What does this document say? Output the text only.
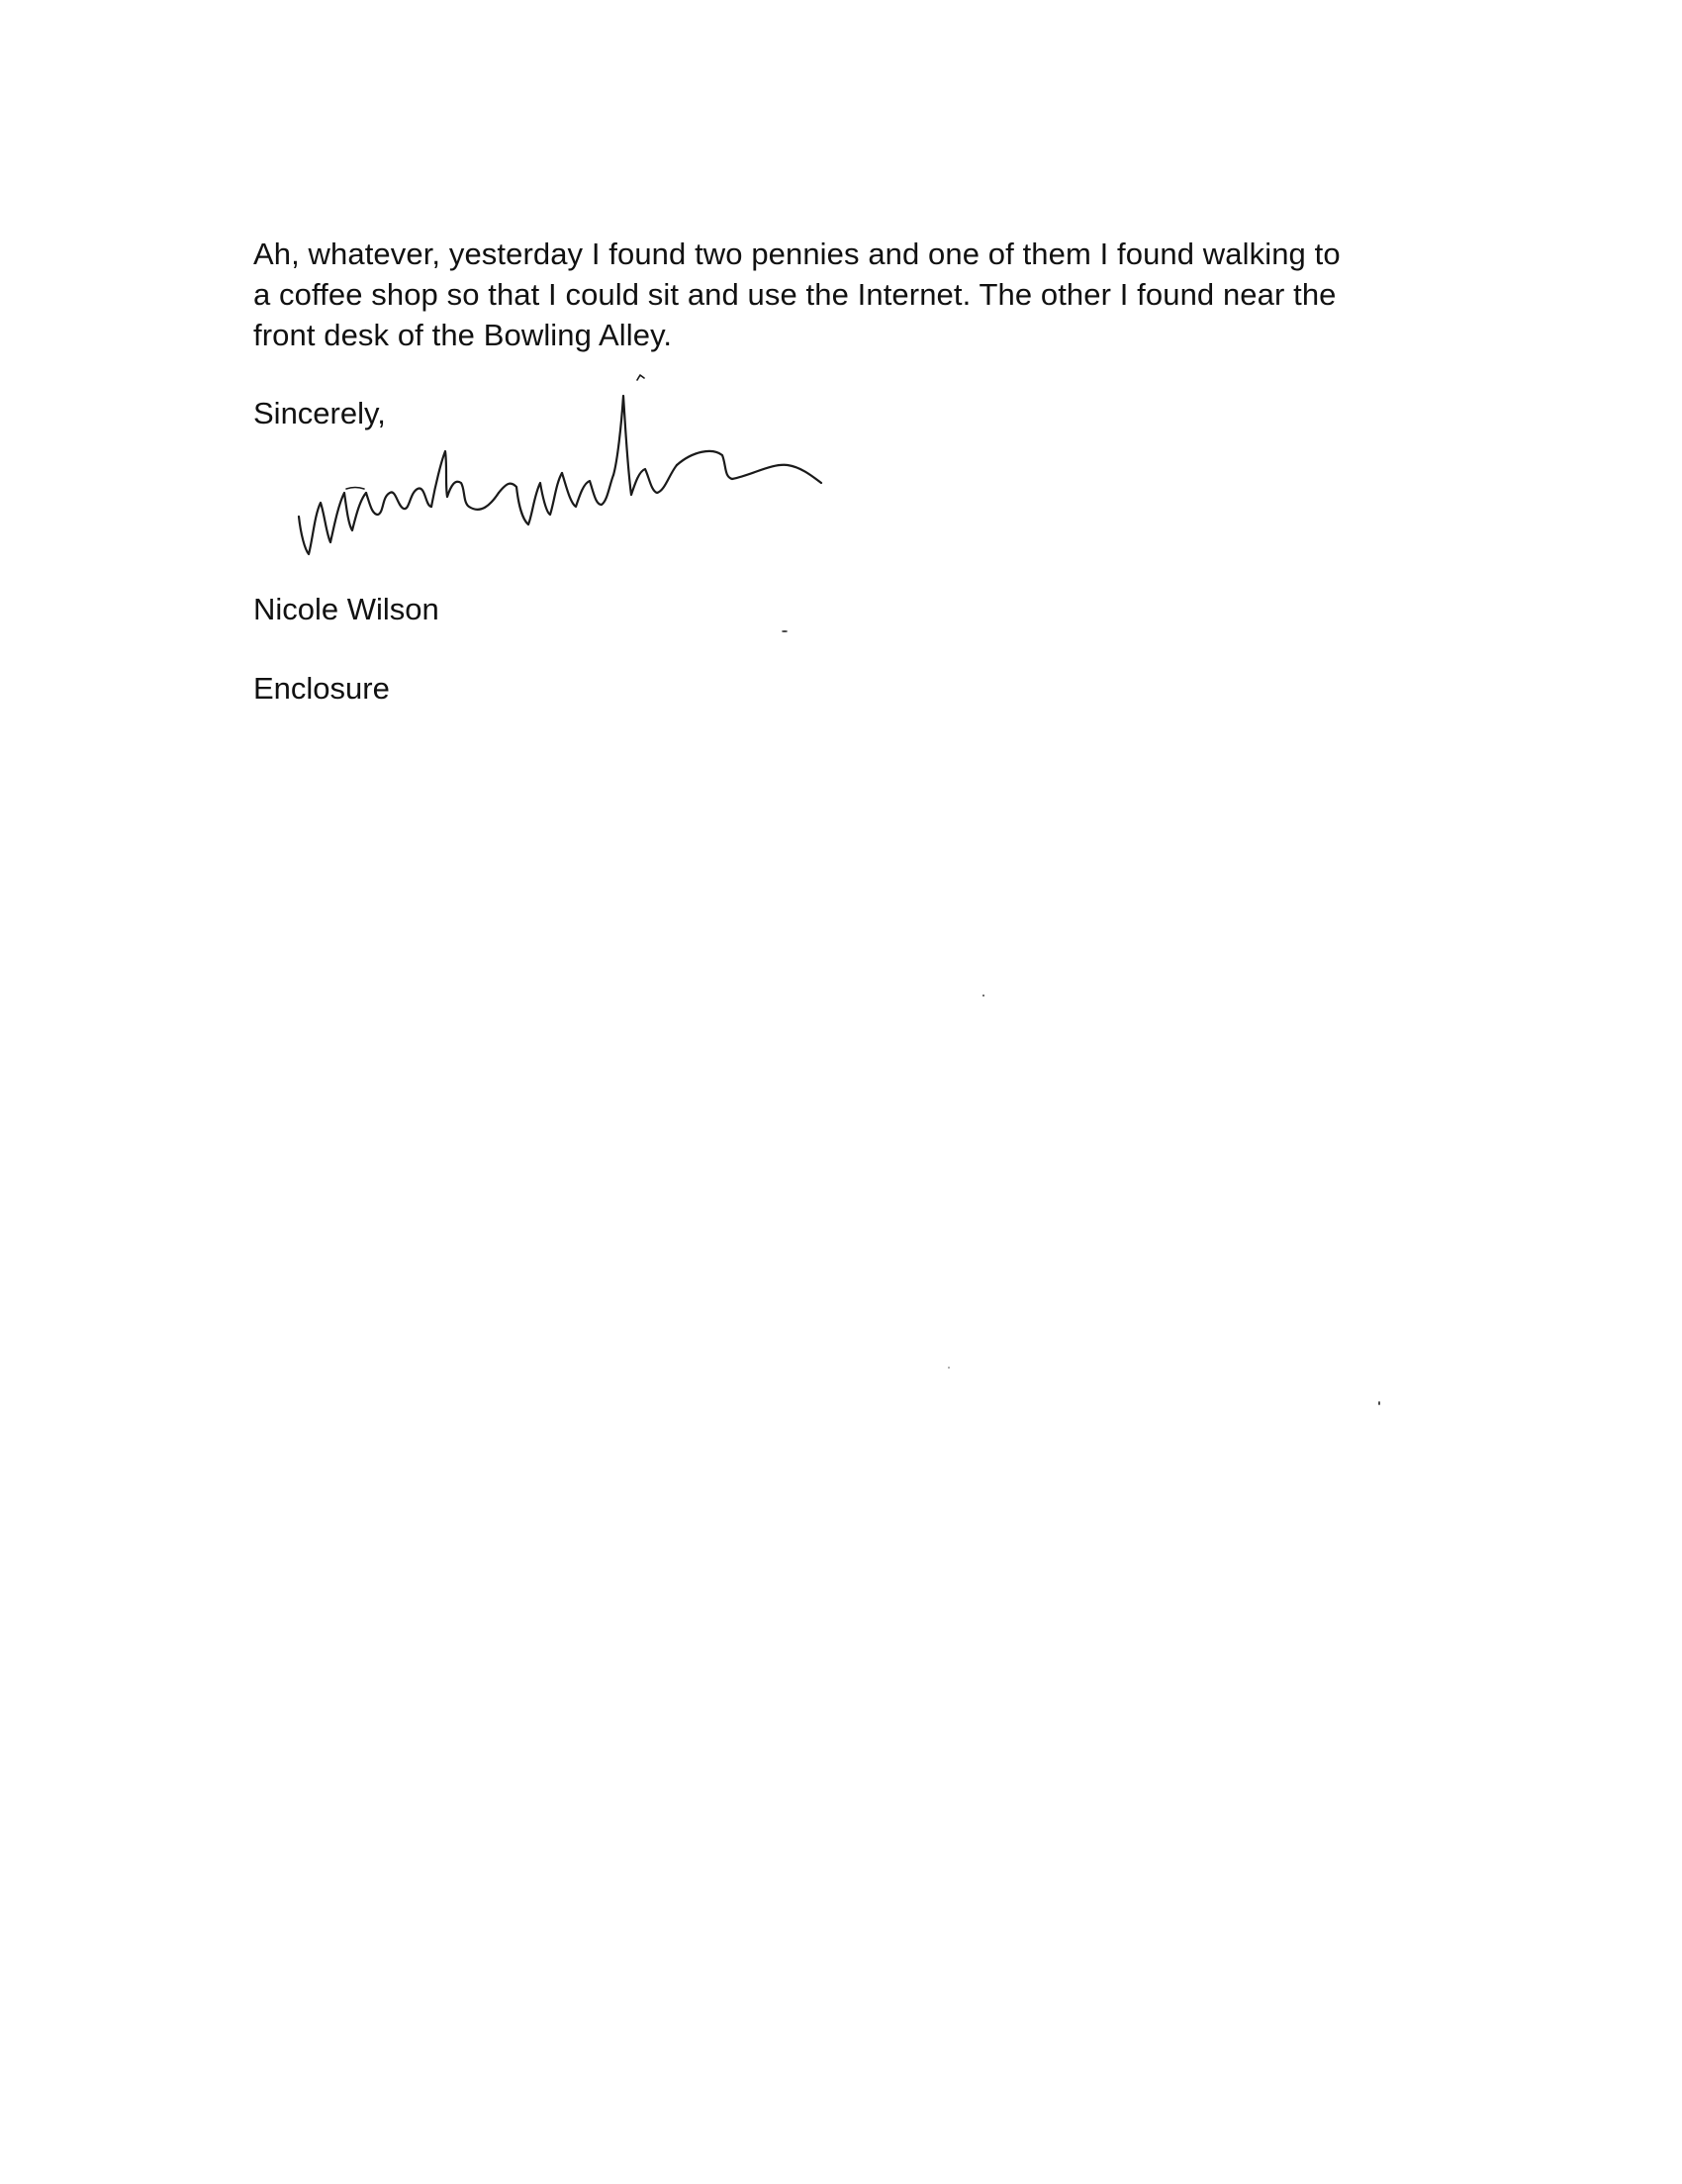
Ah, whatever, yesterday I found two pennies and one of them I found walking to
a coffee shop so that I could sit and use the Internet. The other I found near the
front desk of the Bowling Alley.

Sincerely,
Nicole Wilson
Enclosure
